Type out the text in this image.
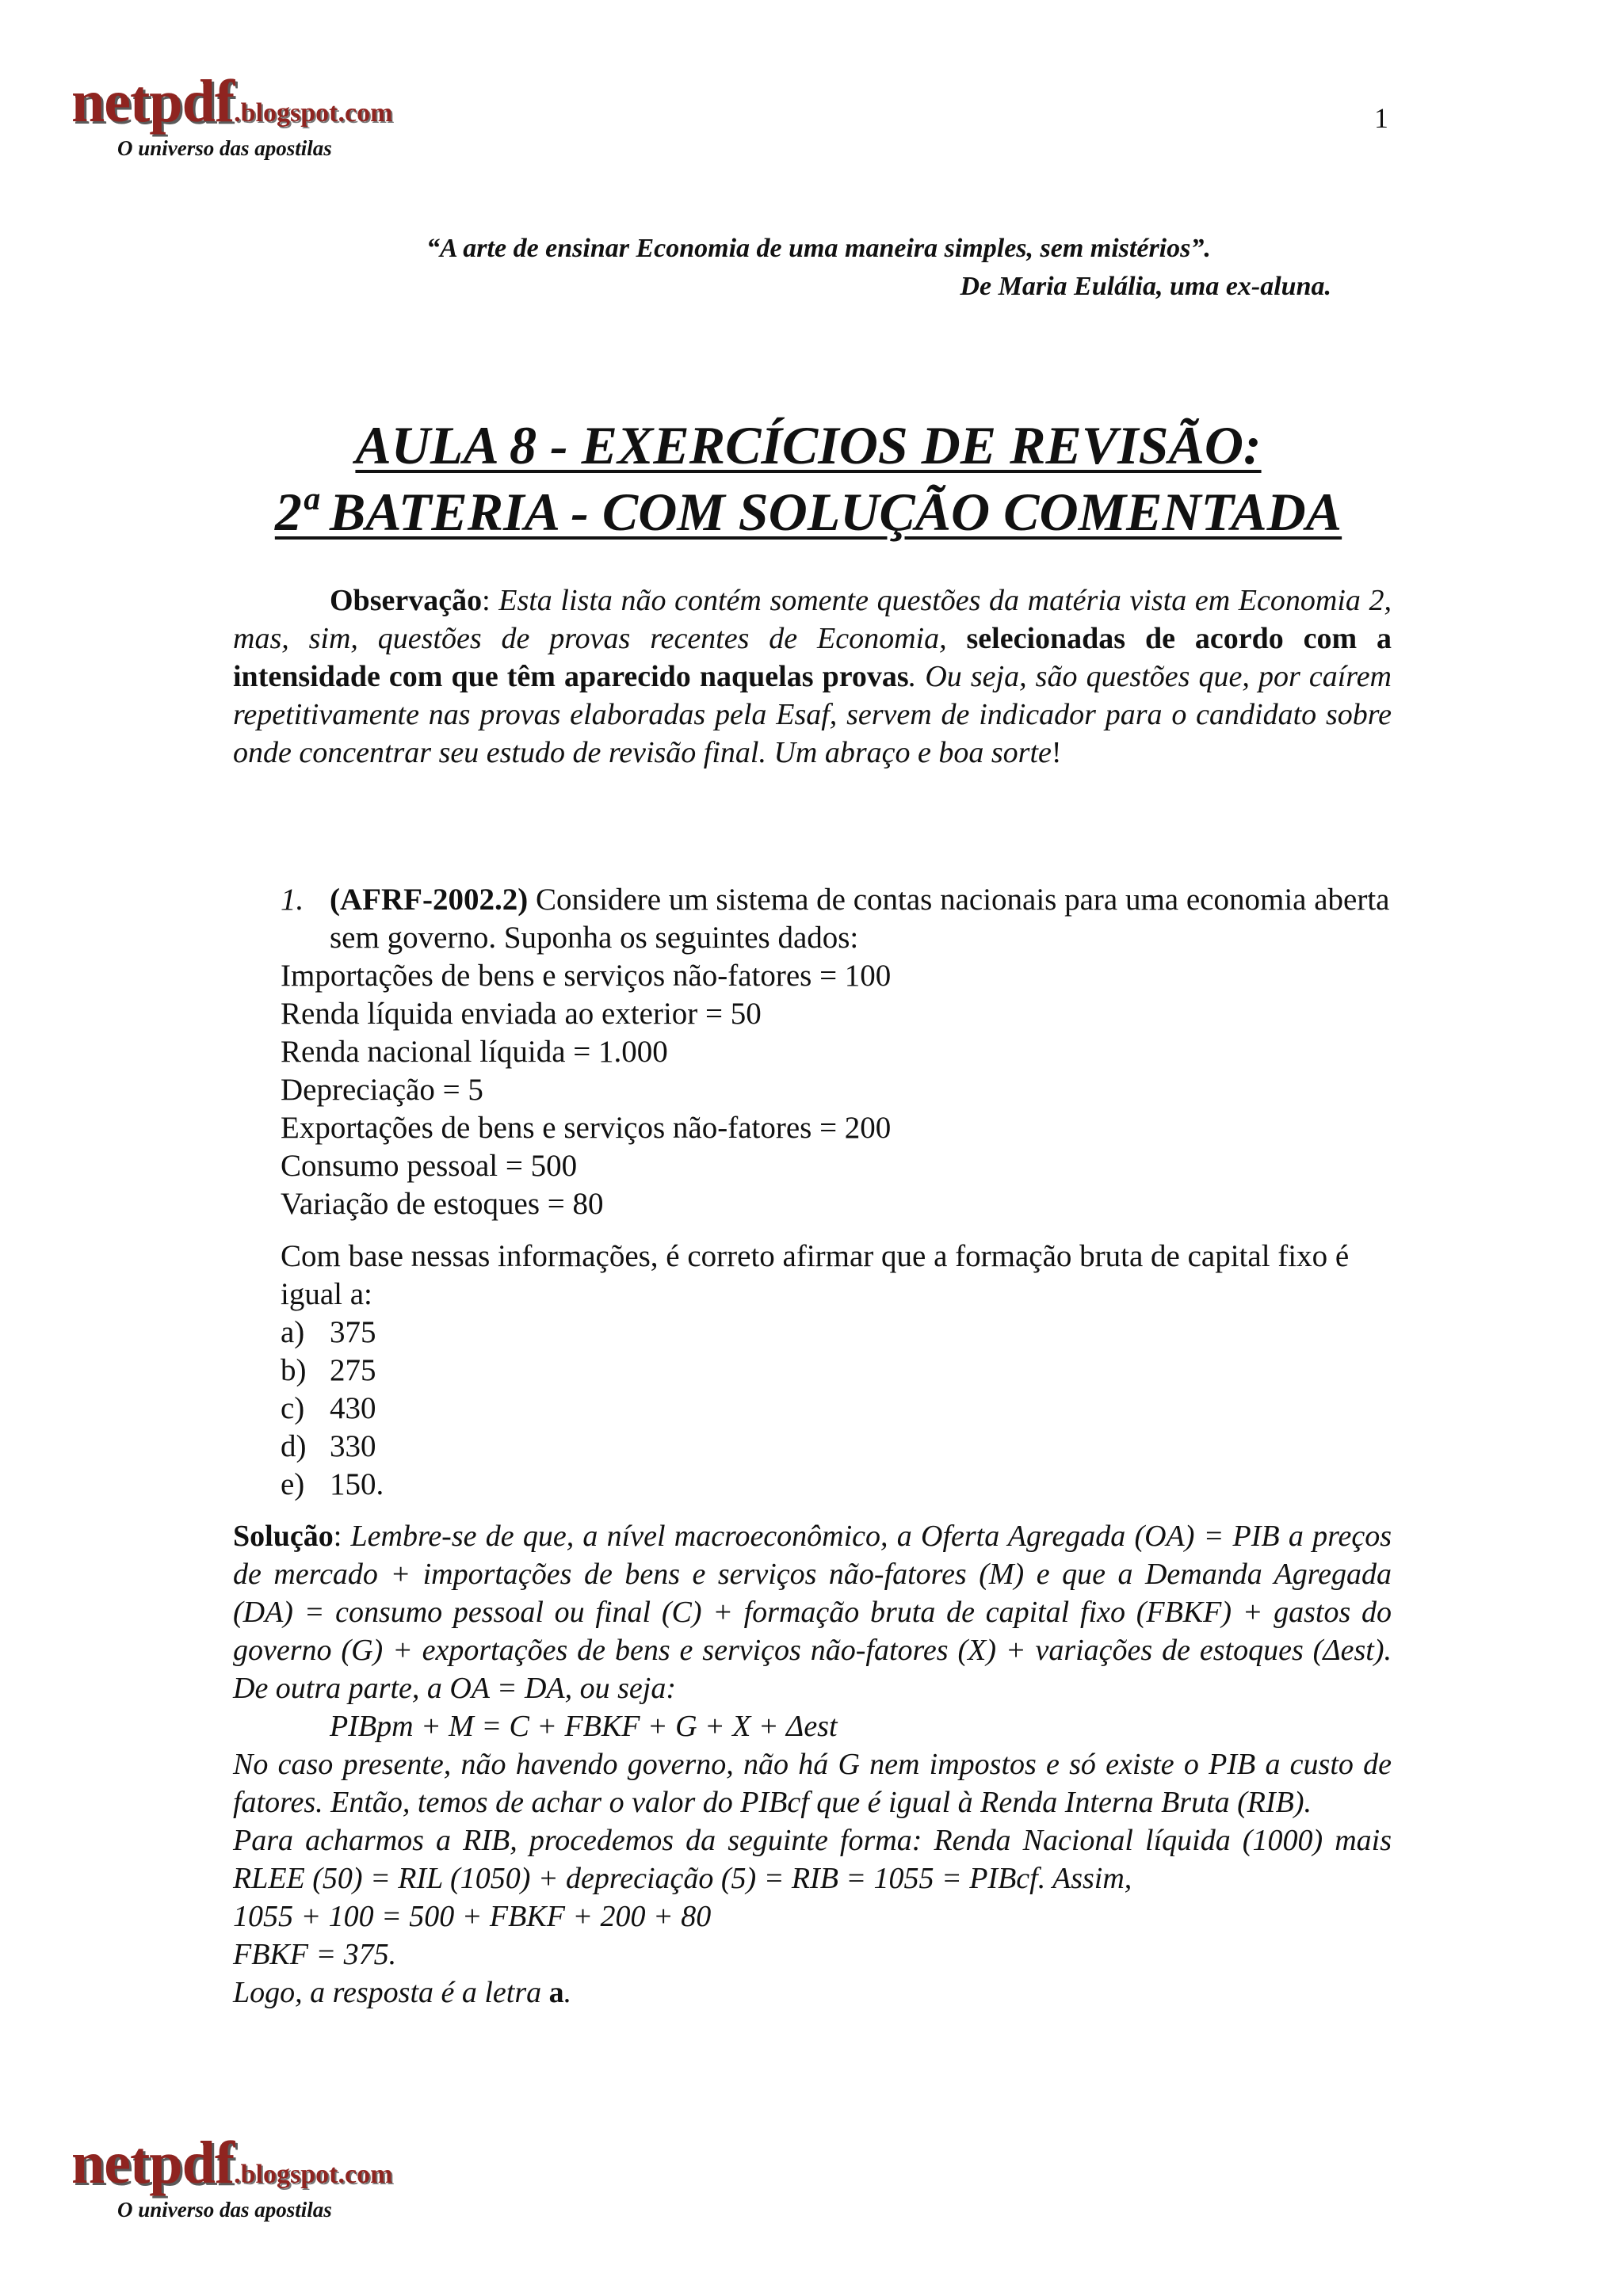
netpdf.blogspot.com
O universo das apostilas
1
“A arte de ensinar Economia de uma maneira simples, sem mistérios”.
De Maria Eulália, uma ex-aluna.
AULA 8 - EXERCÍCIOS DE REVISÃO:
2ª BATERIA - COM SOLUÇÃO COMENTADA
Observação: Esta lista não contém somente questões da matéria vista em Economia 2, mas, sim, questões de provas recentes de Economia, selecionadas de acordo com a intensidade com que têm aparecido naquelas provas. Ou seja, são questões que, por caírem repetitivamente nas provas elaboradas pela Esaf, servem de indicador para o candidato sobre onde concentrar seu estudo de revisão final. Um abraço e boa sorte!
1. (AFRF-2002.2) Considere um sistema de contas nacionais para uma economia aberta sem governo. Suponha os seguintes dados:
Importações de bens e serviços não-fatores = 100
Renda líquida enviada ao exterior = 50
Renda nacional líquida = 1.000
Depreciação = 5
Exportações de bens e serviços não-fatores = 200
Consumo pessoal = 500
Variação de estoques = 80
Com base nessas informações, é correto afirmar que a formação bruta de capital fixo é igual a:
a) 375
b) 275
c) 430
d) 330
e) 150.

Solução: Lembre-se de que, a nível macroeconômico, a Oferta Agregada (OA) = PIB a preços de mercado + importações de bens e serviços não-fatores (M) e que a Demanda Agregada (DA) = consumo pessoal ou final (C) + formação bruta de capital fixo (FBKF) + gastos do governo (G) + exportações de bens e serviços não-fatores (X) + variações de estoques (Δest). De outra parte, a OA = DA, ou seja:

PIBpm + M = C + FBKF + G + X + Δest

No caso presente, não havendo governo, não há G nem impostos e só existe o PIB a custo de fatores. Então, temos de achar o valor do PIBcf que é igual à Renda Interna Bruta (RIB).

Para acharmos a RIB, procedemos da seguinte forma: Renda Nacional líquida (1000) mais RLEE (50) = RIL (1050) + depreciação (5) = RIB = 1055 = PIBcf. Assim,

1055 + 100 = 500 + FBKF + 200 + 80

FBKF = 375.

Logo, a resposta é a letra a.

netpdf.blogspot.com
O universo das apostilas
